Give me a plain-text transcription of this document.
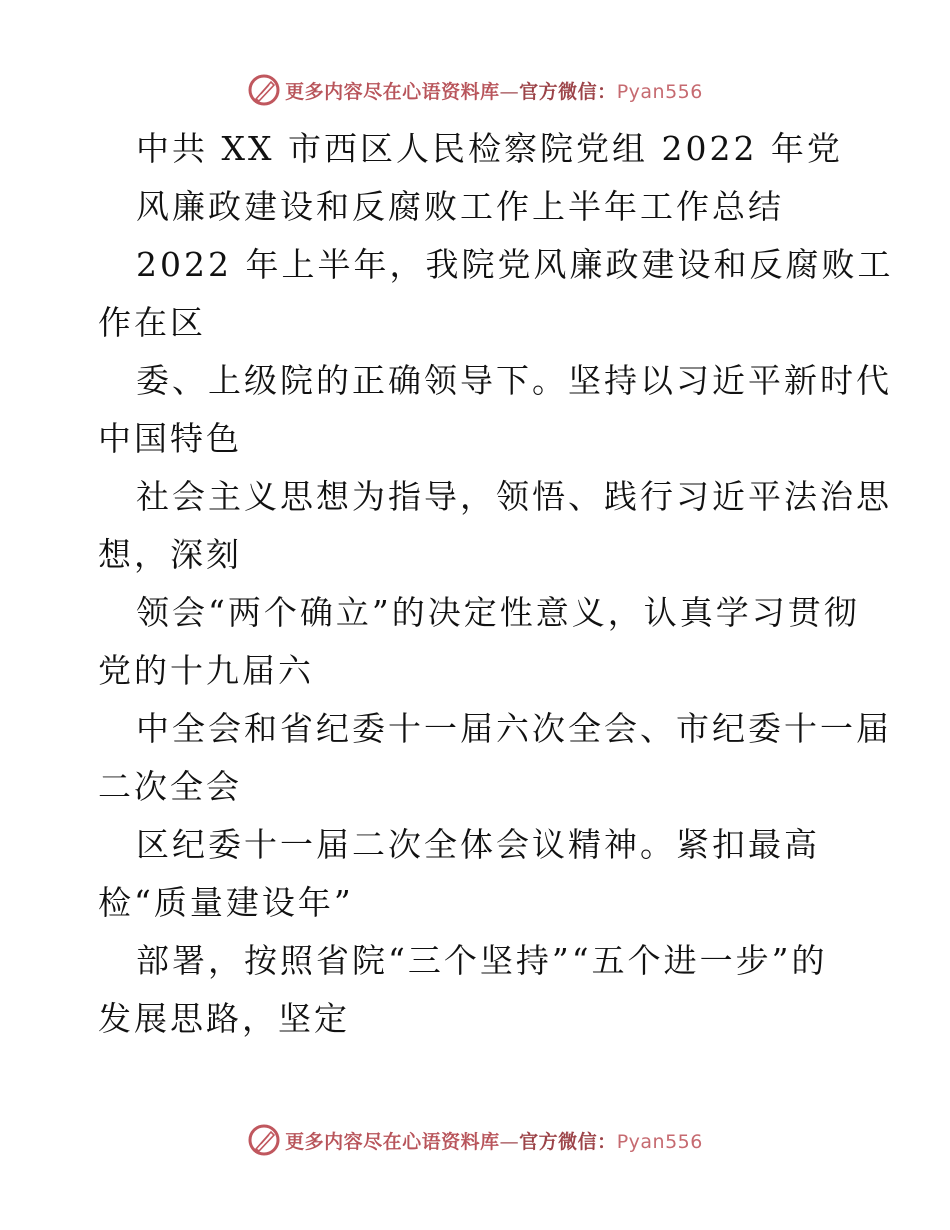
更多内容尽在心语资料库—官方微信：Pyan556
中共 XX 市西区人民检察院党组 2022 年党
风廉政建设和反腐败工作上半年工作总结
2022 年上半年，我院党风廉政建设和反腐败工
作在区
委、上级院的正确领导下。坚持以习近平新时代
中国特色
社会主义思想为指导，领悟、践行习近平法治思
想，深刻
领会“两个确立”的决定性意义，认真学习贯彻
党的十九届六
中全会和省纪委十一届六次全会、市纪委十一届
二次全会
区纪委十一届二次全体会议精神。紧扣最高
检“质量建设年”
部署，按照省院“三个坚持”“五个进一步”的
发展思路，坚定
更多内容尽在心语资料库—官方微信：Pyan556
